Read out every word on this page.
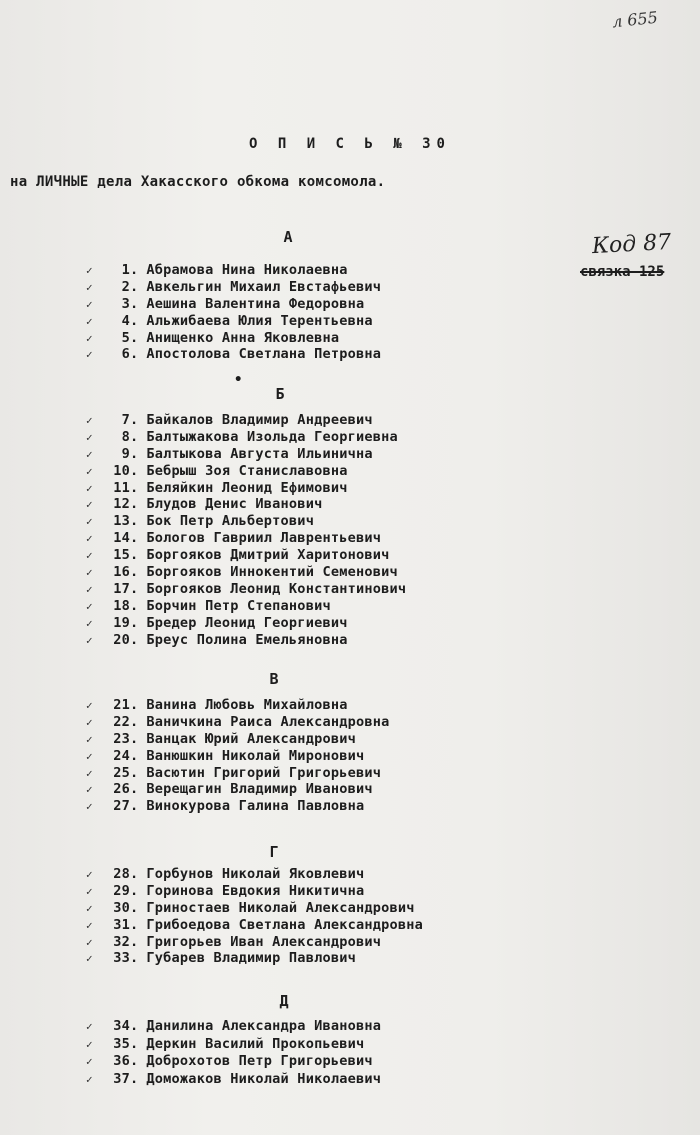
л 655
О П И С Ь № 30
на ЛИЧНЫЕ дела Хакасского обкома комсомола.
Код 87
связка 125
А
✓ 1. Абрамова Нина Николаевна
✓ 2. Авкельгин Михаил Евстафьевич
✓ 3. Аешина Валентина Федоровна
✓ 4. Альжибаева Юлия Терентьевна
✓ 5. Анищенко Анна Яковлевна
✓ 6. Апостолова Светлана Петровна
•
Б
✓ 7. Байкалов Владимир Андреевич
✓ 8. Балтыжакова Изольда Георгиевна
✓ 9. Балтыкова Августа Ильинична
✓ 10. Бебрыш Зоя Станиславовна
✓ 11. Беляйкин Леонид Ефимович
✓ 12. Блудов Денис Иванович
✓ 13. Бок Петр Альбертович
✓ 14. Бологов Гавриил Лаврентьевич
✓ 15. Боргояков Дмитрий Харитонович
✓ 16. Боргояков Иннокентий Семенович
✓ 17. Боргояков Леонид Константинович
✓ 18. Борчин Петр Степанович
✓ 19. Бредер Леонид Георгиевич
✓ 20. Бреус Полина Емельяновна
В
✓ 21. Ванина Любовь Михайловна
✓ 22. Ваничкина Раиса Александровна
✓ 23. Ванцак Юрий Александрович
✓ 24. Ванюшкин Николай Миронович
✓ 25. Васютин Григорий Григорьевич
✓ 26. Верещагин Владимир Иванович
✓ 27. Винокурова Галина Павловна
Г
✓ 28. Горбунов Николай Яковлевич
✓ 29. Горинова Евдокия Никитична
✓ 30. Гриностаев Николай Александрович
✓ 31. Грибоедова Светлана Александровна
✓ 32. Григорьев Иван Александрович
✓ 33. Губарев Владимир Павлович
Д
✓ 34. Данилина Александра Ивановна
✓ 35. Деркин Василий Прокопьевич
✓ 36. Доброхотов Петр Григорьевич
✓ 37. Доможаков Николай Николаевич
